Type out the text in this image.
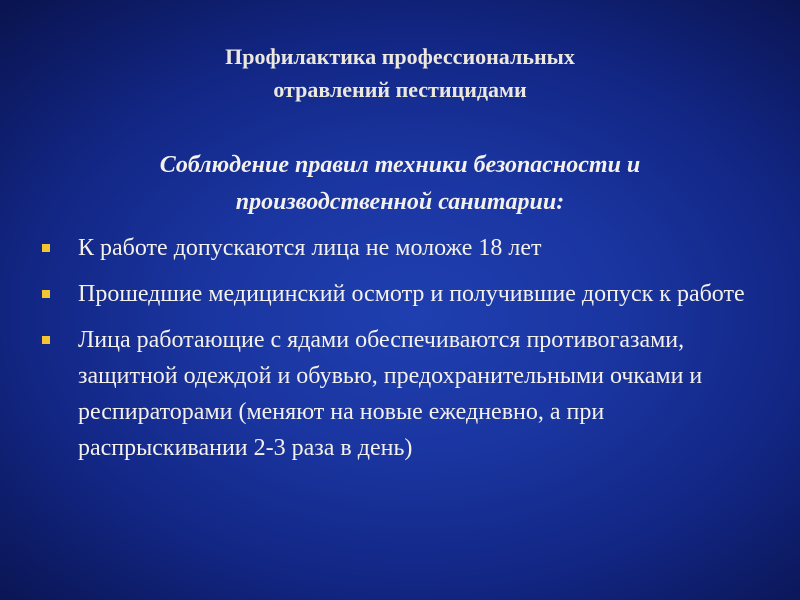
Профилактика профессиональных
отравлений пестицидами

Соблюдение правил техники безопасности и
производственной санитарии:

К работе допускаются лица не моложе 18 лет
Прошедшие медицинский осмотр и получившие допуск к работе
Лица работающие с ядами обеспечиваются противогазами, защитной одеждой и обувью, предохранительными очками и респираторами (меняют на новые ежедневно, а при распрыскивании 2-3 раза в день)
